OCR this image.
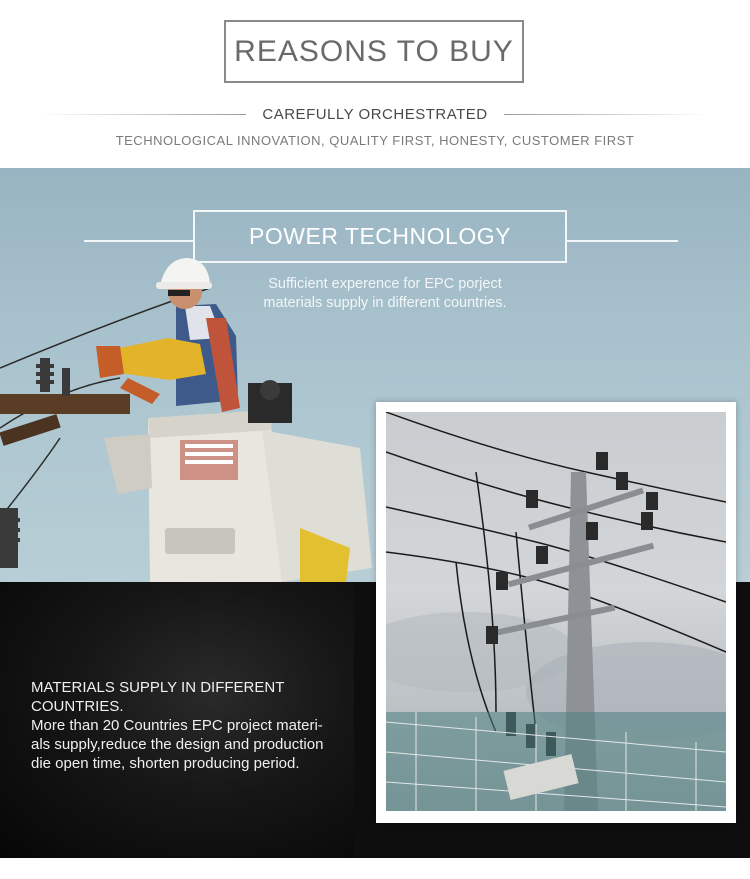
REASONS TO BUY
CAREFULLY ORCHESTRATED
TECHNOLOGICAL INNOVATION, QUALITY FIRST, HONESTY, CUSTOMER FIRST
POWER TECHNOLOGY
Sufficient experence for EPC porject
materials supply in different countries.

MATERIALS SUPPLY IN DIFFERENT

COUNTRIES.

More than 20 Countries EPC project materi-

als supply,reduce the design and production

die open time, shorten producing period.
